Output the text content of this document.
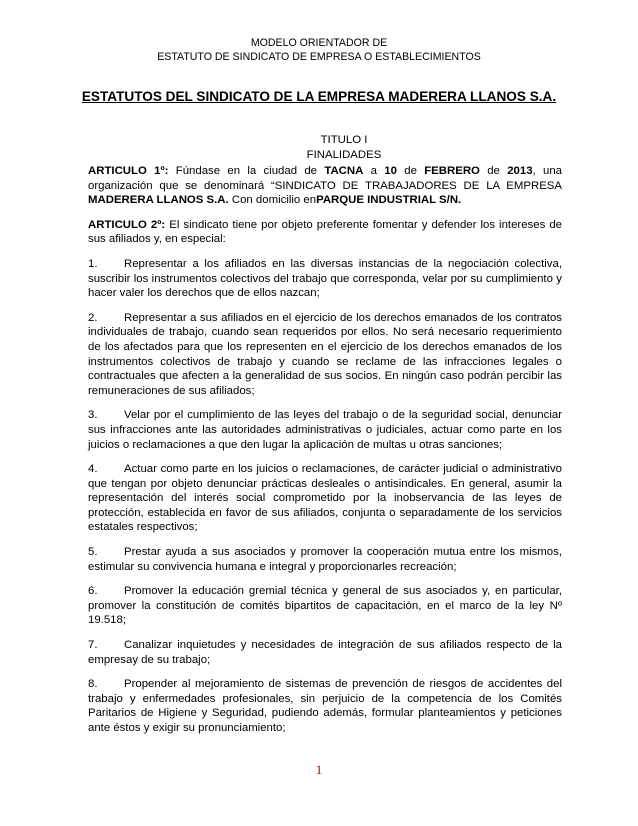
MODELO ORIENTADOR DE
ESTATUTO DE SINDICATO DE EMPRESA O ESTABLECIMIENTOS
ESTATUTOS DEL SINDICATO DE LA EMPRESA MADERERA LLANOS S.A.
TITULO I
FINALIDADES

ARTICULO 1º: Fúndase en la ciudad de TACNA a 10 de FEBRERO de 2013, una organización que se denominará “SINDICATO DE TRABAJADORES DE LA EMPRESA MADERERA LLANOS S.A. Con domicilio enPARQUE INDUSTRIAL S/N.

ARTICULO 2º: El sindicato tiene por objeto preferente fomentar y defender los intereses de sus afiliados y, en especial:

1. Representar a los afiliados en las diversas instancias de la negociación colectiva, suscribir los instrumentos colectivos del trabajo que corresponda, velar por su cumplimiento y hacer valer los derechos que de ellos nazcan;

2. Representar a sus afiliados en el ejercicio de los derechos emanados de los contratos individuales de trabajo, cuando sean requeridos por ellos. No será necesario requerimiento de los afectados para que los representen en el ejercicio de los derechos emanados de los instrumentos colectivos de trabajo y cuando se reclame de las infracciones legales o contractuales que afecten a la generalidad de sus socios. En ningún caso podrán percibir las remuneraciones de sus afiliados;

3. Velar por el cumplimiento de las leyes del trabajo o de la seguridad social, denunciar sus infracciones ante las autoridades administrativas o judiciales, actuar como parte en los juicios o reclamaciones a que den lugar la aplicación de multas u otras sanciones;

4. Actuar como parte en los juicios o reclamaciones, de carácter judicial o administrativo que tengan por objeto denunciar prácticas desleales o antisindicales. En general, asumir la representación del interés social comprometido por la inobservancia de las leyes de protección, establecida en favor de sus afiliados, conjunta o separadamente de los servicios estatales respectivos;

5. Prestar ayuda a sus asociados y promover la cooperación mutua entre los mismos, estimular su convivencia humana e integral y proporcionarles recreación;

6. Promover la educación gremial técnica y general de sus asociados y, en particular, promover la constitución de comités bipartitos de capacitación, en el marco de la ley Nº 19.518;

7. Canalizar inquietudes y necesidades de integración de sus afiliados respecto de la empresay de su trabajo;

8. Propender al mejoramiento de sistemas de prevención de riesgos de accidentes del trabajo y enfermedades profesionales, sin perjuicio de la competencia de los Comités Paritarios de Higiene y Seguridad, pudiendo además, formular planteamientos y peticiones ante éstos y exigir su pronunciamiento;

1
